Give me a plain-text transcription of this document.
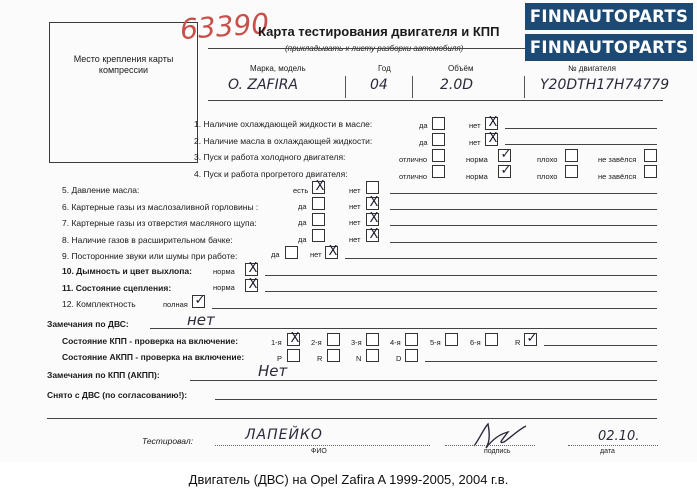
Место крепления карты компрессии
63390
Карта тестирования двигателя и КПП
(прикладывать к листу разборки автомобиля)
Марка, модель	Год	Объём	№ двигателя
O. ZAFIRA	04	2.0D	Y20DTH17H74779
1. Наличие охлаждающей жидкости в масле:	да	нет X
2. Наличие масла в охлаждающей жидкости:	да	нет X
3. Пуск и работа холодного двигателя:	отлично	норма ✓	плохо	не завёлся
4. Пуск и работа прогретого двигателя:	отлично	норма ✓	плохо	не завёлся
5. Давление масла:	есть X	нет
6. Картерные газы из маслозаливной горловины :	да	нет X
7. Картерные газы из отверстия масляного щупа:	да	нет X
8. Наличие газов в расширительном бачке:	да	нет X
9. Посторонние звуки или шумы при работе:	да	нет X
10. Дымность и цвет выхлопа:	норма X
11. Состояние сцепления:	норма X
12. Комплектность	полная ✓
Замечания по ДВС:	нет
Состояние КПП - проверка на включение:	1-я X 2-я	3-я	4-я	5-я	6-я	R ✓
Состояние АКПП - проверка на включение:	P	R	N	D
Замечания по КПП (АКПП):	Нет
Снято с ДВС (по согласованию!):
Тестировал:	ЛАПЕЙКО
ФИО	подпись
02.10.
дата
FINNAUTOPARTS
FINNAUTOPARTS
Двигатель (ДВС) на Opel Zafira A 1999-2005, 2004 г.в.
